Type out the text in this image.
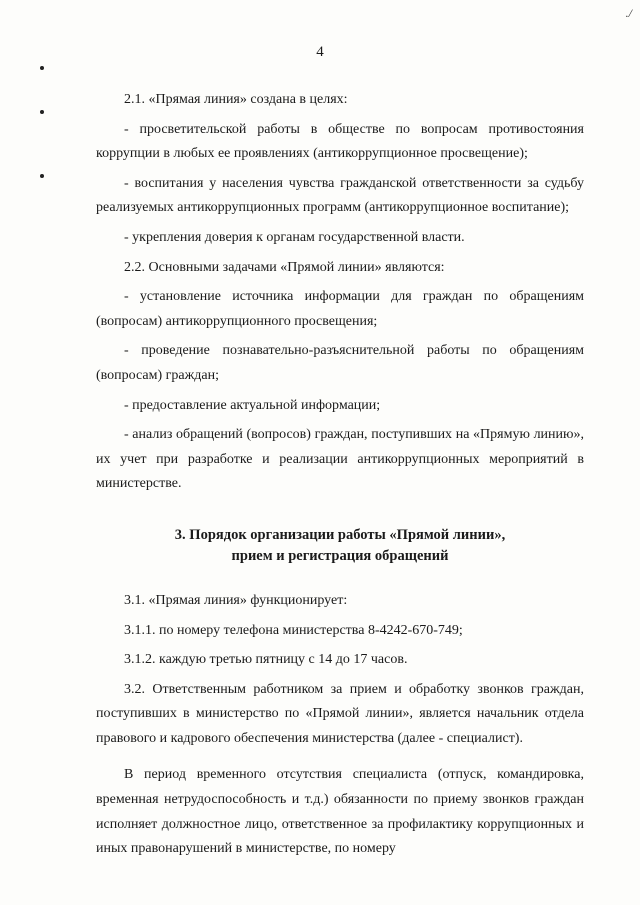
./
4

2.1. «Прямая линия» создана в целях:

- просветительской работы в обществе по вопросам противостояния коррупции в любых ее проявлениях (антикоррупционное просвещение);

- воспитания у населения чувства гражданской ответственности за судьбу реализуемых антикоррупционных программ (антикоррупционное воспитание);

- укрепления доверия к органам государственной власти.

2.2. Основными задачами «Прямой линии» являются:

- установление источника информации для граждан по обращениям (вопросам) антикоррупционного просвещения;

- проведение познавательно-разъяснительной работы по обращениям (вопросам) граждан;

- предоставление актуальной информации;

- анализ обращений (вопросов) граждан, поступивших на «Прямую линию», их учет при разработке и реализации антикоррупционных мероприятий в министерстве.

3. Порядок организации работы «Прямой линии»,
прием и регистрация обращений

3.1. «Прямая линия» функционирует:

3.1.1. по номеру телефона министерства 8-4242-670-749;

3.1.2. каждую третью пятницу с 14 до 17 часов.

3.2. Ответственным работником за прием и обработку звонков граждан, поступивших в министерство по «Прямой линии», является начальник отдела правового и кадрового обеспечения министерства (далее - специалист).

В период временного отсутствия специалиста (отпуск, командировка, временная нетрудоспособность и т.д.) обязанности по приему звонков граждан исполняет должностное лицо, ответственное за профилактику коррупционных и иных правонарушений в министерстве, по номеру
